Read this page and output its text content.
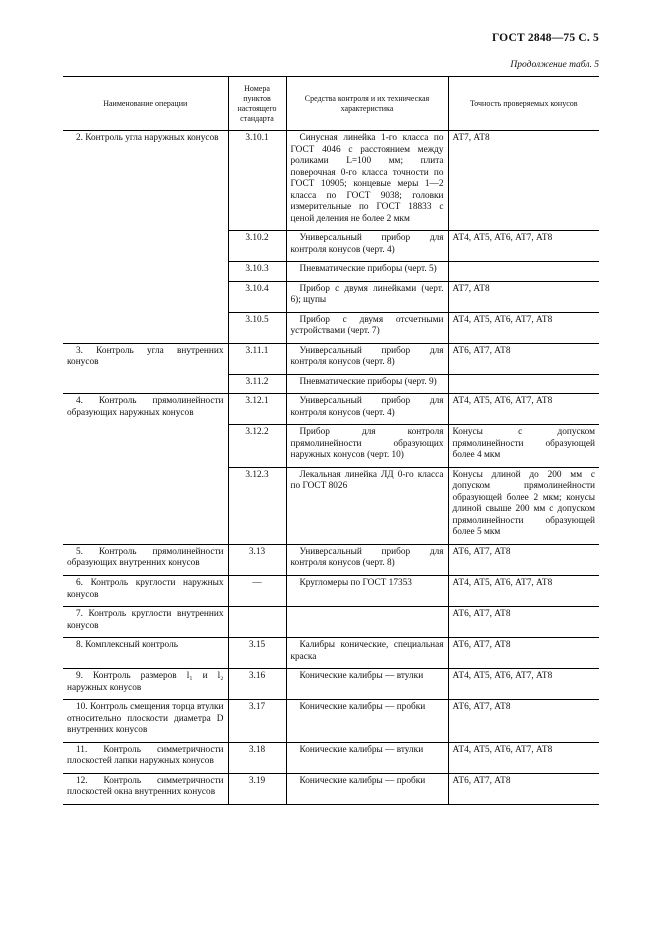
ГОСТ 2848—75 С. 5
Продолжение табл. 5
Наименование операции	Номера пунктов настоящего стандарта	Средства контроля и их техническая характеристика	Точность проверяемых конусов
2. Контроль угла наружных конусов	3.10.1	Синусная линейка 1-го класса по ГОСТ 4046 с расстоянием между роликами L=100 мм; плита поверочная 0-го класса точности по ГОСТ 10905; концевые меры 1—2 класса по ГОСТ 9038; головки измерительные по ГОСТ 18833 с ценой деления не более 2 мкм	АТ7, АТ8
	3.10.2	Универсальный прибор для контроля конусов (черт. 4)	АТ4, АТ5, АТ6, АТ7, АТ8
	3.10.3	Пневматические приборы (черт. 5)	
	3.10.4	Прибор с двумя линейками (черт. 6); щупы	АТ7, АТ8
	3.10.5	Прибор с двумя отсчетными устройствами (черт. 7)	АТ4, АТ5, АТ6, АТ7, АТ8
3. Контроль угла внутренних конусов	3.11.1	Универсальный прибор для контроля конусов (черт. 8)	АТ6, АТ7, АТ8
	3.11.2	Пневматические приборы (черт. 9)	
4. Контроль прямолинейности образующих наружных конусов	3.12.1	Универсальный прибор для контроля конусов (черт. 4)	АТ4, АТ5, АТ6, АТ7, АТ8
	3.12.2	Прибор для контроля прямолинейности образующих наружных конусов (черт. 10)	Конусы с допуском прямолинейности образующей более 4 мкм
	3.12.3	Лекальная линейка ЛД 0-го класса по ГОСТ 8026	Конусы длиной до 200 мм с допуском прямолинейности образующей более 2 мкм; конусы длиной свыше 200 мм с допуском прямолинейности образующей более 5 мкм
5. Контроль прямолинейности образующих внутренних конусов	3.13	Универсальный прибор для контроля конусов (черт. 8)	АТ6, АТ7, АТ8
6. Контроль круглости наружных конусов	—	Кругломеры по ГОСТ 17353	АТ4, АТ5, АТ6, АТ7, АТ8
7. Контроль круглости внутренних конусов			АТ6, АТ7, АТ8
8. Комплексный контроль	3.15	Калибры конические, специальная краска	АТ6, АТ7, АТ8
9. Контроль размеров l₁ и l₂ наружных конусов	3.16	Конические калибры — втулки	АТ4, АТ5, АТ6, АТ7, АТ8
10. Контроль смещения торца втулки относительно плоскости диаметра D внутренних конусов	3.17	Конические калибры — пробки	АТ6, АТ7, АТ8
11. Контроль симметричности плоскостей лапки наружных конусов	3.18	Конические калибры — втулки	АТ4, АТ5, АТ6, АТ7, АТ8
12. Контроль симметричности плоскостей окна внутренних конусов	3.19	Конические калибры — пробки	АТ6, АТ7, АТ8
